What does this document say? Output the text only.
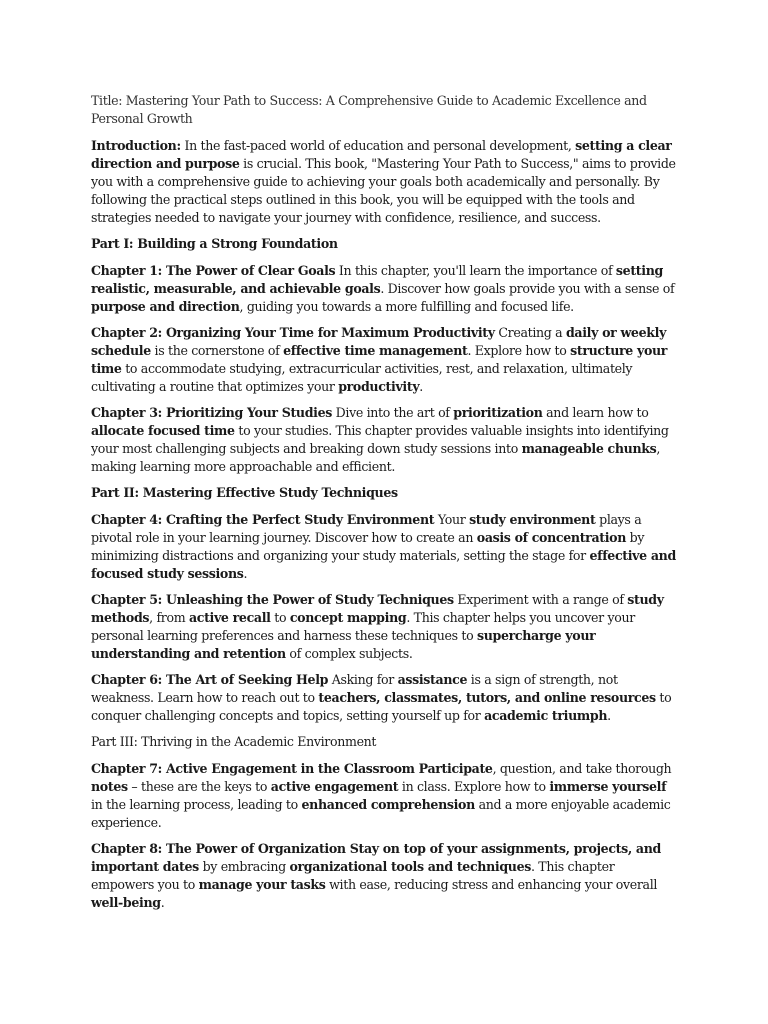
Title: Mastering Your Path to Success: A Comprehensive Guide to Academic Excellence and Personal Growth

Introduction: In the fast-paced world of education and personal development, setting a clear direction and purpose is crucial. This book, "Mastering Your Path to Success," aims to provide you with a comprehensive guide to achieving your goals both academically and personally. By following the practical steps outlined in this book, you will be equipped with the tools and strategies needed to navigate your journey with confidence, resilience, and success.

Part I: Building a Strong Foundation

Chapter 1: The Power of Clear Goals In this chapter, you'll learn the importance of setting realistic, measurable, and achievable goals. Discover how goals provide you with a sense of purpose and direction, guiding you towards a more fulfilling and focused life.

Chapter 2: Organizing Your Time for Maximum Productivity Creating a daily or weekly schedule is the cornerstone of effective time management. Explore how to structure your time to accommodate studying, extracurricular activities, rest, and relaxation, ultimately cultivating a routine that optimizes your productivity.

Chapter 3: Prioritizing Your Studies Dive into the art of prioritization and learn how to allocate focused time to your studies. This chapter provides valuable insights into identifying your most challenging subjects and breaking down study sessions into manageable chunks, making learning more approachable and efficient.

Part II: Mastering Effective Study Techniques

Chapter 4: Crafting the Perfect Study Environment Your study environment plays a pivotal role in your learning journey. Discover how to create an oasis of concentration by minimizing distractions and organizing your study materials, setting the stage for effective and focused study sessions.

Chapter 5: Unleashing the Power of Study Techniques Experiment with a range of study methods, from active recall to concept mapping. This chapter helps you uncover your personal learning preferences and harness these techniques to supercharge your understanding and retention of complex subjects.

Chapter 6: The Art of Seeking Help Asking for assistance is a sign of strength, not weakness. Learn how to reach out to teachers, classmates, tutors, and online resources to conquer challenging concepts and topics, setting yourself up for academic triumph.

Part III: Thriving in the Academic Environment

Chapter 7: Active Engagement in the Classroom Participate, question, and take thorough notes – these are the keys to active engagement in class. Explore how to immerse yourself in the learning process, leading to enhanced comprehension and a more enjoyable academic experience.

Chapter 8: The Power of Organization Stay on top of your assignments, projects, and important dates by embracing organizational tools and techniques. This chapter empowers you to manage your tasks with ease, reducing stress and enhancing your overall well-being.
